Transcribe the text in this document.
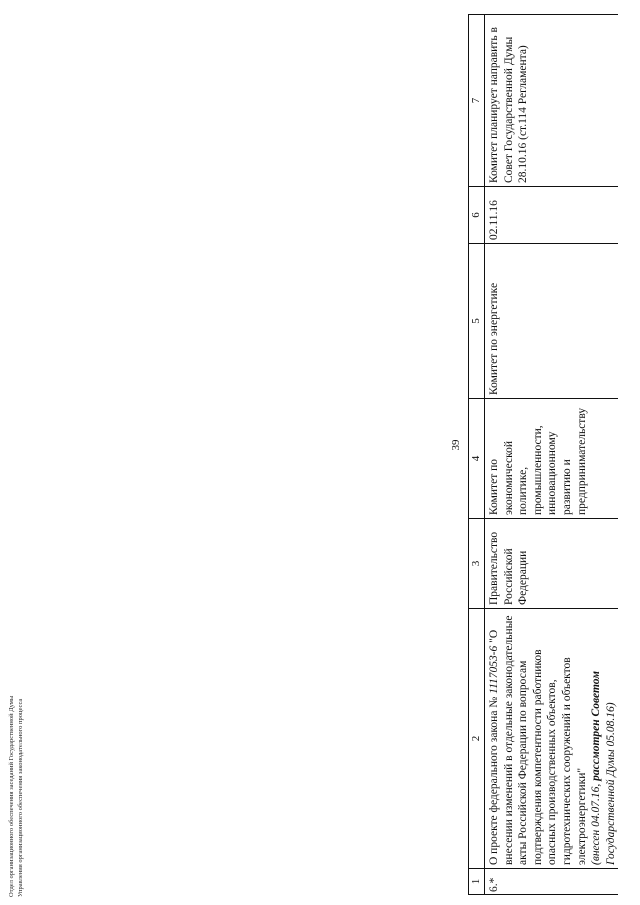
39
1	2	3	4	5	6	7
6.*	О проекте федерального закона № 1117053-6 "О внесении изменений в отдельные законодательные акты Российской Федерации по вопросам подтверждения компетентности работников опасных производственных объектов, гидротехнических сооружений и объектов электроэнергетики" (внесен 04.07.16, рассмотрен Советом Государственной Думы 05.08.16)	Правительство Российской Федерации	Комитет по экономической политике, промышленности, инновационному развитию и предпринимательству	Комитет по энергетике	02.11.16	Комитет планирует направить в Совет Государственной Думы 28.10.16 (ст.114 Регламента)
Отдел организационного обеспечения заседаний Государственной Думы Управления организационного обеспечения законодательного процесса
